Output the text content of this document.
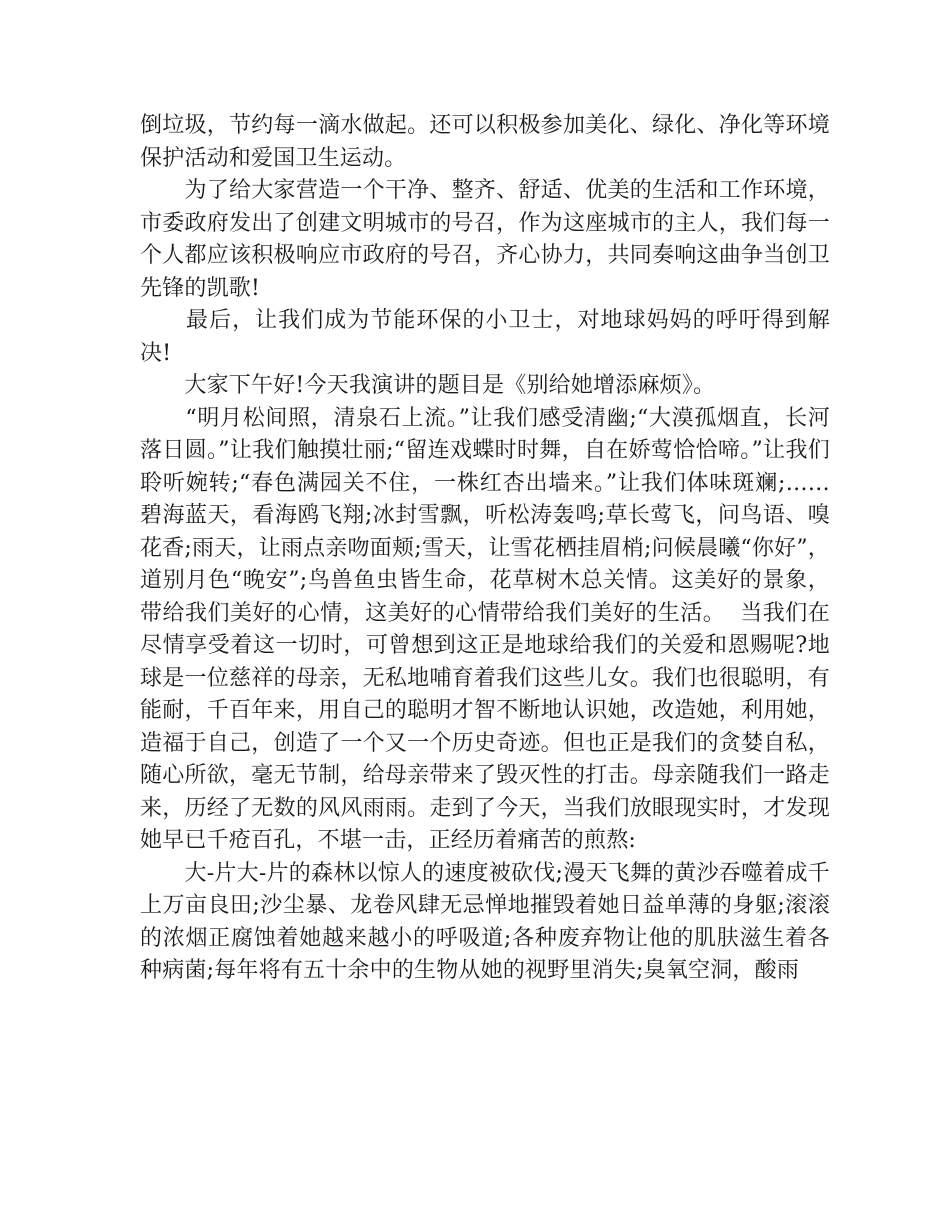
倒垃圾，节约每一滴水做起。还可以积极参加美化、绿化、净化等环境保护活动和爱国卫生运动。

　　为了给大家营造一个干净、整齐、舒适、优美的生活和工作环境，市委政府发出了创建文明城市的号召，作为这座城市的主人，我们每一个人都应该积极响应市政府的号召，齐心协力，共同奏响这曲争当创卫先锋的凯歌!

　　最后，让我们成为节能环保的小卫士，对地球妈妈的呼吁得到解决!

　　大家下午好!今天我演讲的题目是《别给她增添麻烦》。

　　“明月松间照，清泉石上流。”让我们感受清幽;“大漠孤烟直，长河落日圆。”让我们触摸壮丽;“留连戏蝶时时舞，自在娇莺恰恰啼。”让我们聆听婉转;“春色满园关不住，一株红杏出墙来。”让我们体味斑斓;……碧海蓝天，看海鸥飞翔;冰封雪飘，听松涛轰鸣;草长莺飞，问鸟语、嗅花香;雨天，让雨点亲吻面颊;雪天，让雪花栖挂眉梢;问候晨曦“你好”，道别月色“晚安”;鸟兽鱼虫皆生命，花草树木总关情。这美好的景象，带给我们美好的心情，这美好的心情带给我们美好的生活。  当我们在尽情享受着这一切时，可曾想到这正是地球给我们的关爱和恩赐呢?地球是一位慈祥的母亲，无私地哺育着我们这些儿女。我们也很聪明，有能耐，千百年来，用自己的聪明才智不断地认识她，改造她，利用她，造福于自己，创造了一个又一个历史奇迹。但也正是我们的贪婪自私，随心所欲，毫无节制，给母亲带来了毁灭性的打击。母亲随我们一路走来，历经了无数的风风雨雨。走到了今天，当我们放眼现实时，才发现她早已千疮百孔，不堪一击，正经历着痛苦的煎熬:

　　大-片大-片的森林以惊人的速度被砍伐;漫天飞舞的黄沙吞噬着成千上万亩良田;沙尘暴、龙卷风肆无忌惮地摧毁着她日益单薄的身躯;滚滚的浓烟正腐蚀着她越来越小的呼吸道;各种废弃物让他的肌肤滋生着各种病菌;每年将有五十余中的生物从她的视野里消失;臭氧空洞，酸雨
